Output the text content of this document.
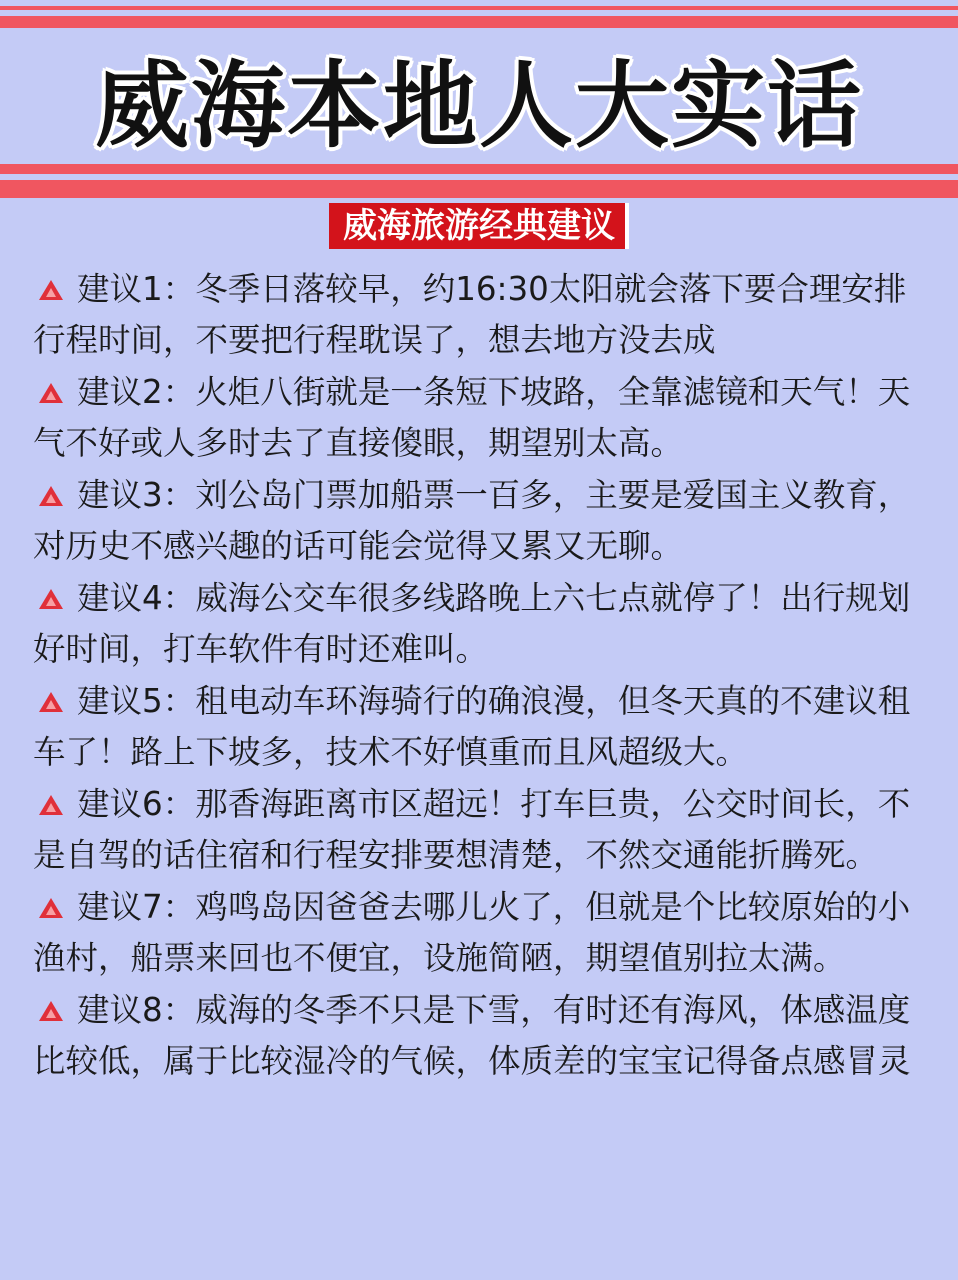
威海本地人大实话
威海旅游经典建议

建议1：冬季日落较早，约16:30太阳就会落下要合理安排行程时间，不要把行程耽误了，想去地方没去成

建议2：火炬八街就是一条短下坡路，全靠滤镜和天气！天气不好或人多时去了直接傻眼，期望别太高。

建议3：刘公岛门票加船票一百多，主要是爱国主义教育，对历史不感兴趣的话可能会觉得又累又无聊。

建议4：威海公交车很多线路晚上六七点就停了！出行规划好时间，打车软件有时还难叫。

建议5：租电动车环海骑行的确浪漫，但冬天真的不建议租车了！路上下坡多，技术不好慎重而且风超级大。

建议6：那香海距离市区超远！打车巨贵，公交时间长，不是自驾的话住宿和行程安排要想清楚，不然交通能折腾死。

建议7：鸡鸣岛因爸爸去哪儿火了，但就是个比较原始的小渔村，船票来回也不便宜，设施简陋，期望值别拉太满。

建议8：威海的冬季不只是下雪，有时还有海风，体感温度比较低，属于比较湿冷的气候，体质差的宝宝记得备点感冒灵
